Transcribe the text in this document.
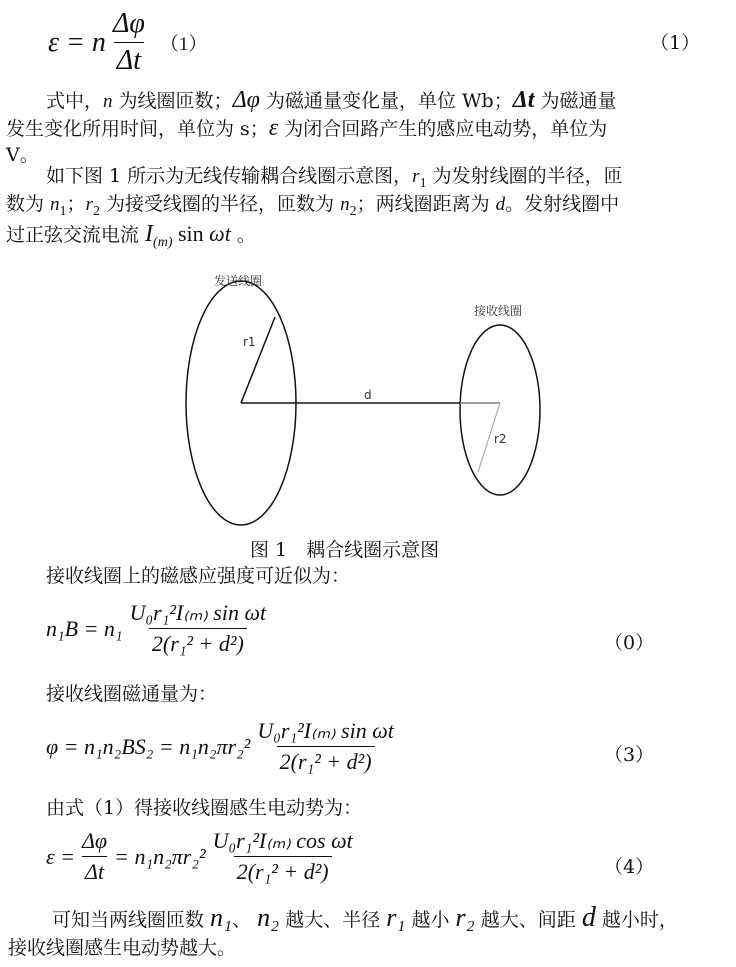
ε = n $\frac{\Delta\varphi}{\Delta t} (1)$	（1）
式中，n 为线圈匝数；Δφ 为磁通量变化量，单位 Wb；Δt 为磁通量
发生变化所用时间，单位为 s；ε 为闭合回路产生的感应电动势，单位为
V。
如下图 1 所示为无线传输耦合线圈示意图，$r_1$ 为发射线圈的半径，匝
数为 $n_1$；$r_2$ 为接受线圈的半径，匝数为 $n_2$；两线圈距离为 d。发射线圈中
过正弦交流电流 $I_{(m)}$ sin ωt 。
发送线圈
接收线圈
r1
d
r2
图 1　耦合线圈示意图
接收线圈上的磁感应强度可近似为：
$n_1B = n_1 \frac{\text{U₀r₁²I₍ₘ₎ sin ωt}}{\text{2(r₁² + d²)}}$	（0）
接收线圈磁通量为：
$\varphi = n_1n_2BS_2 = n_1n_2\pi r_2^2 \frac{\text{U₀r₁²I₍ₘ₎ sin ωt}}{\text{2(r₁² + d²)}}$	（3）
由式（1）得接收线圈感生电动势为：
$\varepsilon = \frac{\Delta\varphi}{\Delta t} = n_1n_2\pi r_2^2 \frac{\text{U₀r₁²I₍ₘ₎ cos ωt}}{\text{2(r₁² + d²)}}$	（4）
可知当两线圈匝数 n₁、 n₂ 越大、半径 r₁ 越小 r₂ 越大、间距 d 越小时，
接收线圈感生电动势越大。
